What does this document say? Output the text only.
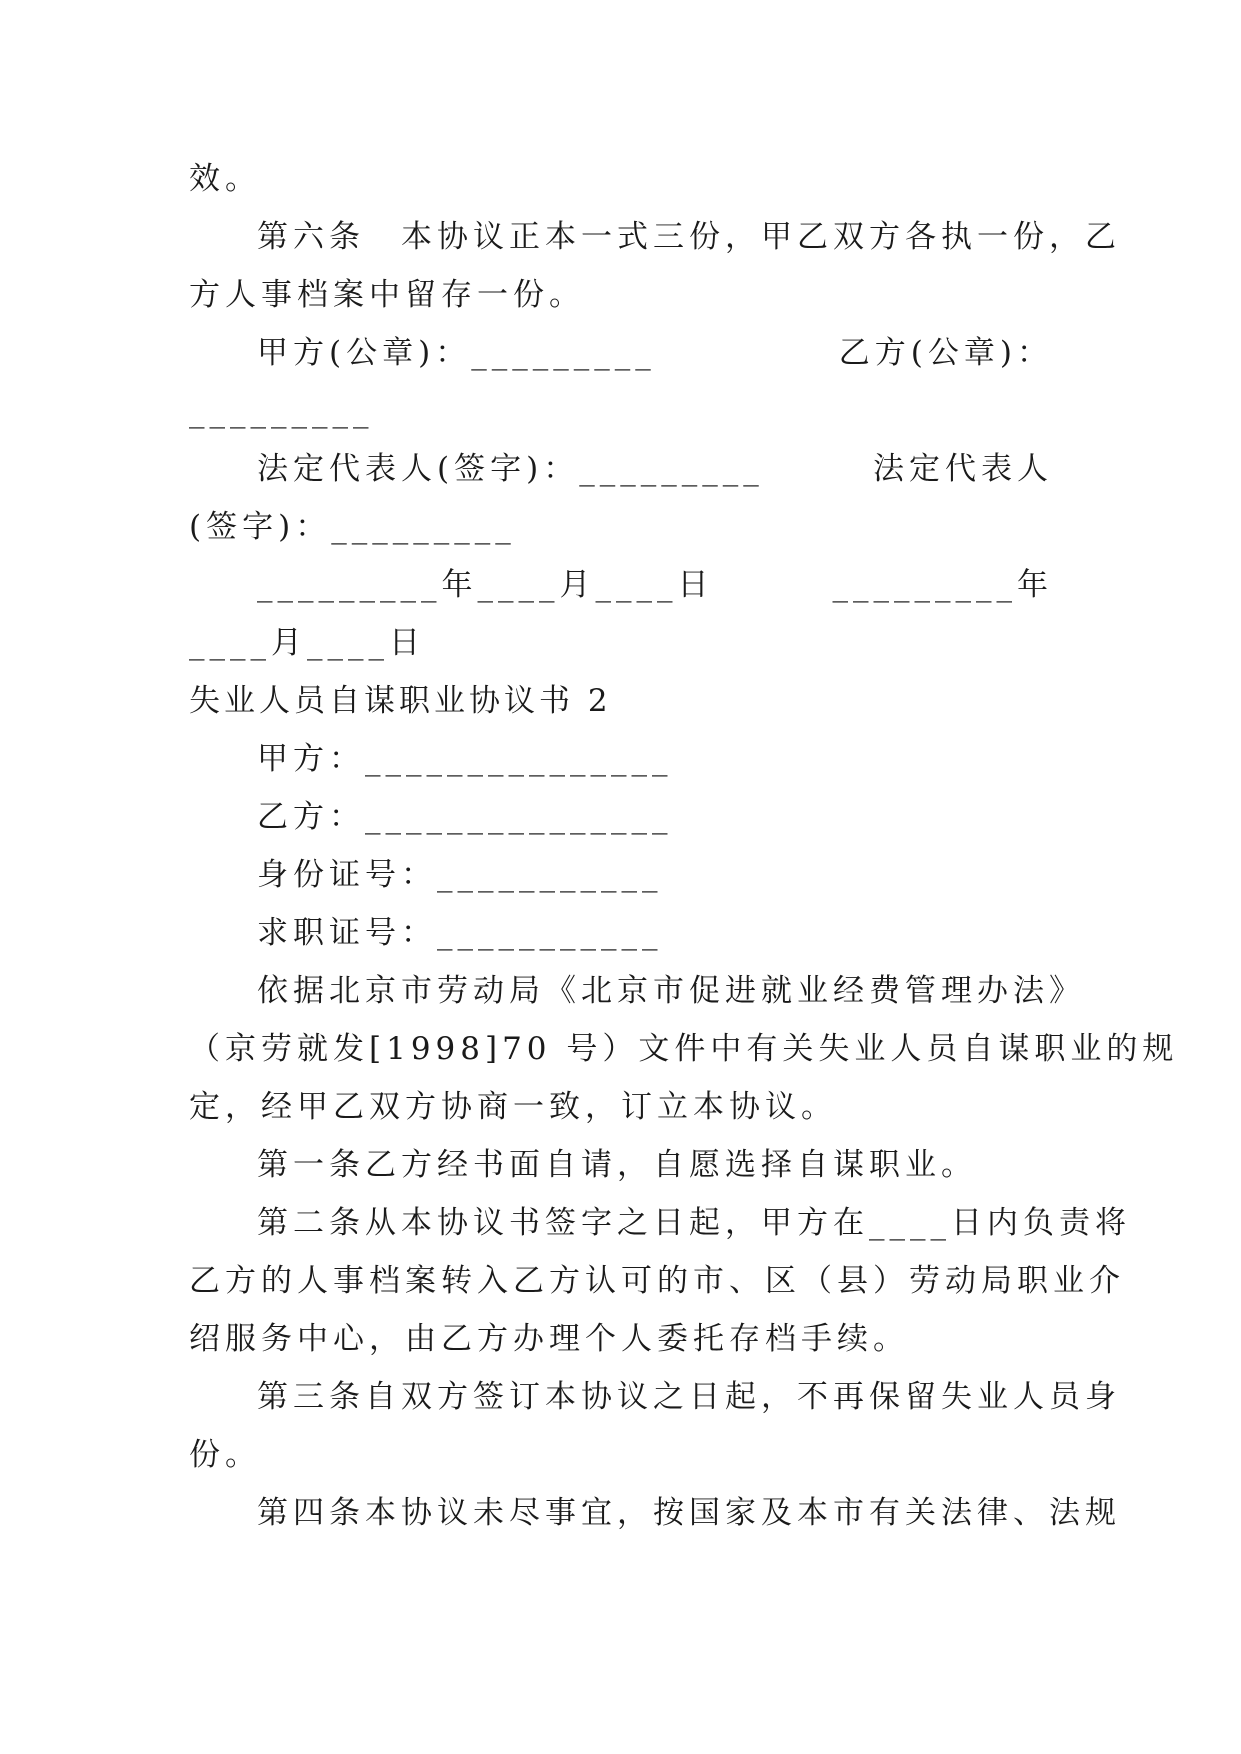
效。
第六条　本协议正本一式三份，甲乙双方各执一份，乙
方人事档案中留存一份。
甲方(公章)：_________	乙方(公章)：
_________
法定代表人(签字)：_________	法定代表人
(签字)：_________
_________年____月____日	_________年
____月____日
失业人员自谋职业协议书 2
甲方：_______________
乙方：_______________
身份证号：___________
求职证号：___________
依据北京市劳动局《北京市促进就业经费管理办法》
（京劳就发[1998]70 号）文件中有关失业人员自谋职业的规
定，经甲乙双方协商一致，订立本协议。
第一条乙方经书面自请，自愿选择自谋职业。
第二条从本协议书签字之日起，甲方在____日内负责将
乙方的人事档案转入乙方认可的市、区（县）劳动局职业介
绍服务中心，由乙方办理个人委托存档手续。
第三条自双方签订本协议之日起，不再保留失业人员身
份。
第四条本协议未尽事宜，按国家及本市有关法律、法规
